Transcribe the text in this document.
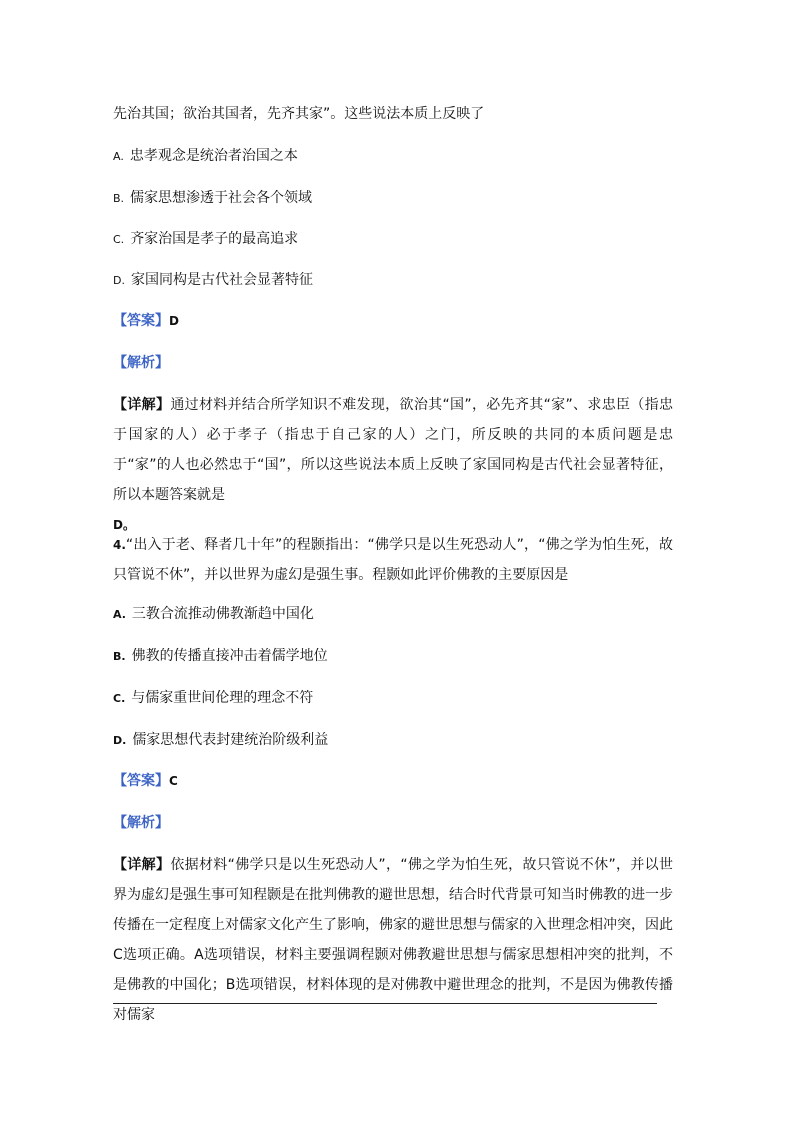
先治其国；欲治其国者，先齐其家”。这些说法本质上反映了
A. 忠孝观念是统治者治国之本
B. 儒家思想渗透于社会各个领域
C. 齐家治国是孝子的最高追求
D. 家国同构是古代社会显著特征
【答案】D
【解析】
【详解】通过材料并结合所学知识不难发现，欲治其“国”，必先齐其“家”、求忠臣（指忠于国家的人）必于孝子（指忠于自己家的人）之门，所反映的共同的本质问题是忠于“家”的人也必然忠于“国”，所以这些说法本质上反映了家国同构是古代社会显著特征，所以本题答案就是
D。
4.“出入于老、释者几十年”的程颢指出：“佛学只是以生死恐动人”，“佛之学为怕生死，故只管说不休”，并以世界为虚幻是强生事。程颢如此评价佛教的主要原因是
A. 三教合流推动佛教渐趋中国化
B. 佛教的传播直接冲击着儒学地位
C. 与儒家重世间伦理的理念不符
D. 儒家思想代表封建统治阶级利益
【答案】C
【解析】
【详解】依据材料“佛学只是以生死恐动人”，“佛之学为怕生死，故只管说不休”，并以世界为虚幻是强生事可知程颢是在批判佛教的避世思想，结合时代背景可知当时佛教的进一步传播在一定程度上对儒家文化产生了影响，佛家的避世思想与儒家的入世理念相冲突，因此C选项正确。A选项错误，材料主要强调程颢对佛教避世思想与儒家思想相冲突的批判，不是佛教的中国化；B选项错误，材料体现的是对佛教中避世理念的批判，不是因为佛教传播对儒家
